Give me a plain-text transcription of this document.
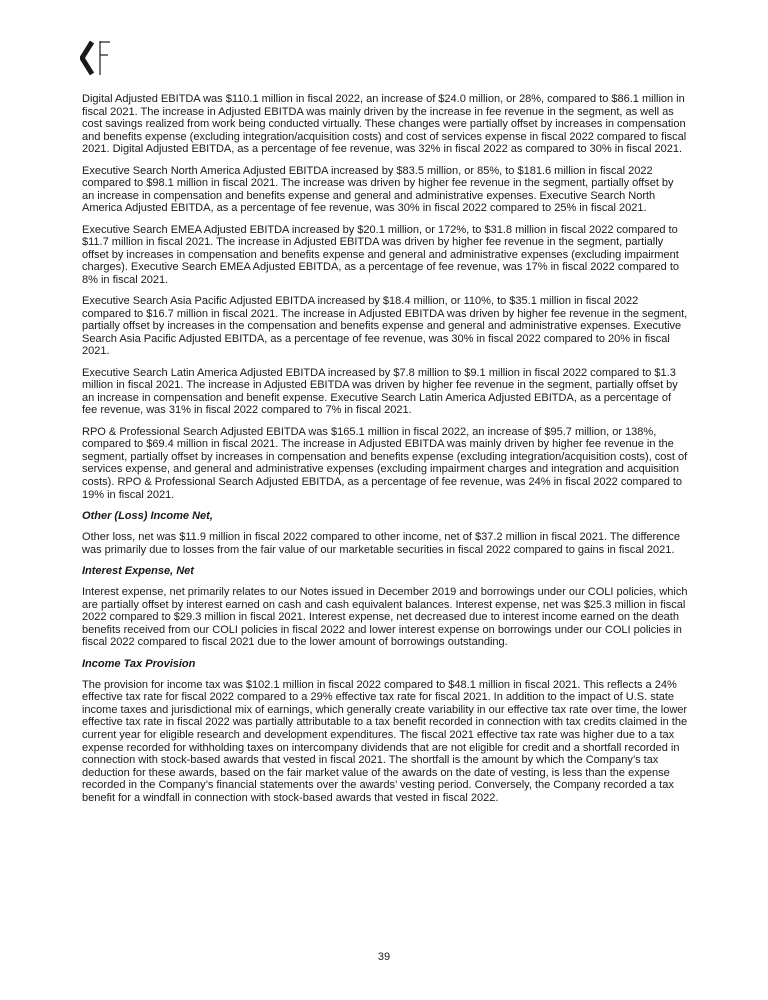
Digital Adjusted EBITDA was $110.1 million in fiscal 2022, an increase of $24.0 million, or 28%, compared to $86.1 million in fiscal 2021. The increase in Adjusted EBITDA was mainly driven by the increase in fee revenue in the segment, as well as cost savings realized from work being conducted virtually. These changes were partially offset by increases in compensation and benefits expense (excluding integration/acquisition costs) and cost of services expense in fiscal 2022 compared to fiscal 2021. Digital Adjusted EBITDA, as a percentage of fee revenue, was 32% in fiscal 2022 as compared to 30% in fiscal 2021.

Executive Search North America Adjusted EBITDA increased by $83.5 million, or 85%, to $181.6 million in fiscal 2022 compared to $98.1 million in fiscal 2021. The increase was driven by higher fee revenue in the segment, partially offset by an increase in compensation and benefits expense and general and administrative expenses. Executive Search North America Adjusted EBITDA, as a percentage of fee revenue, was 30% in fiscal 2022 compared to 25% in fiscal 2021.

Executive Search EMEA Adjusted EBITDA increased by $20.1 million, or 172%, to $31.8 million in fiscal 2022 compared to $11.7 million in fiscal 2021. The increase in Adjusted EBITDA was driven by higher fee revenue in the segment, partially offset by increases in compensation and benefits expense and general and administrative expenses (excluding impairment charges). Executive Search EMEA Adjusted EBITDA, as a percentage of fee revenue, was 17% in fiscal 2022 compared to 8% in fiscal 2021.

Executive Search Asia Pacific Adjusted EBITDA increased by $18.4 million, or 110%, to $35.1 million in fiscal 2022 compared to $16.7 million in fiscal 2021. The increase in Adjusted EBITDA was driven by higher fee revenue in the segment, partially offset by increases in the compensation and benefits expense and general and administrative expenses. Executive Search Asia Pacific Adjusted EBITDA, as a percentage of fee revenue, was 30% in fiscal 2022 compared to 20% in fiscal 2021.

Executive Search Latin America Adjusted EBITDA increased by $7.8 million to $9.1 million in fiscal 2022 compared to $1.3 million in fiscal 2021. The increase in Adjusted EBITDA was driven by higher fee revenue in the segment, partially offset by an increase in compensation and benefit expense. Executive Search Latin America Adjusted EBITDA, as a percentage of fee revenue, was 31% in fiscal 2022 compared to 7% in fiscal 2021.

RPO & Professional Search Adjusted EBITDA was $165.1 million in fiscal 2022, an increase of $95.7 million, or 138%, compared to $69.4 million in fiscal 2021. The increase in Adjusted EBITDA was mainly driven by higher fee revenue in the segment, partially offset by increases in compensation and benefits expense (excluding integration/acquisition costs), cost of services expense, and general and administrative expenses (excluding impairment charges and integration and acquisition costs). RPO & Professional Search Adjusted EBITDA, as a percentage of fee revenue, was 24% in fiscal 2022 compared to 19% in fiscal 2021.

Other (Loss) Income Net,

Other loss, net was $11.9 million in fiscal 2022 compared to other income, net of $37.2 million in fiscal 2021. The difference was primarily due to losses from the fair value of our marketable securities in fiscal 2022 compared to gains in fiscal 2021.

Interest Expense, Net

Interest expense, net primarily relates to our Notes issued in December 2019 and borrowings under our COLI policies, which are partially offset by interest earned on cash and cash equivalent balances. Interest expense, net was $25.3 million in fiscal 2022 compared to $29.3 million in fiscal 2021. Interest expense, net decreased due to interest income earned on the death benefits received from our COLI policies in fiscal 2022 and lower interest expense on borrowings under our COLI policies in fiscal 2022 compared to fiscal 2021 due to the lower amount of borrowings outstanding.

Income Tax Provision

The provision for income tax was $102.1 million in fiscal 2022 compared to $48.1 million in fiscal 2021. This reflects a 24% effective tax rate for fiscal 2022 compared to a 29% effective tax rate for fiscal 2021. In addition to the impact of U.S. state income taxes and jurisdictional mix of earnings, which generally create variability in our effective tax rate over time, the lower effective tax rate in fiscal 2022 was partially attributable to a tax benefit recorded in connection with tax credits claimed in the current year for eligible research and development expenditures. The fiscal 2021 effective tax rate was higher due to a tax expense recorded for withholding taxes on intercompany dividends that are not eligible for credit and a shortfall recorded in connection with stock-based awards that vested in fiscal 2021. The shortfall is the amount by which the Company’s tax deduction for these awards, based on the fair market value of the awards on the date of vesting, is less than the expense recorded in the Company’s financial statements over the awards’ vesting period. Conversely, the Company recorded a tax benefit for a windfall in connection with stock-based awards that vested in fiscal 2022.

39
